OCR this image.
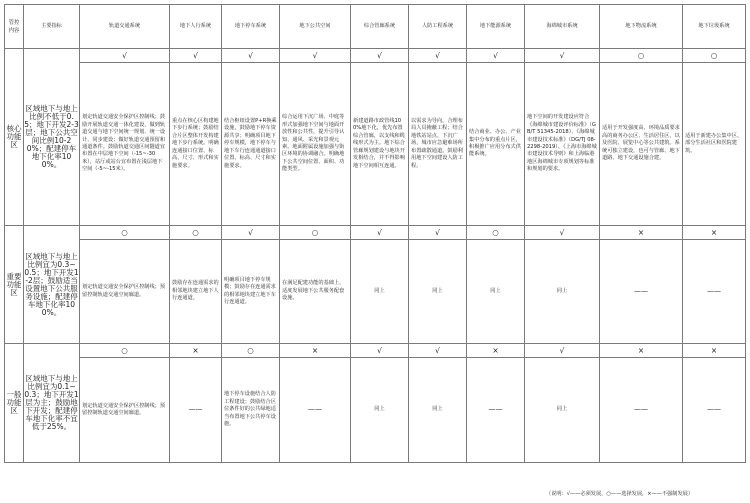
管控内容	主要指标	轨道交通系统	地下人行系统	地下停车系统	地下公共空间	综合管廊系统	人防工程系统	地下能源系统	海绵城市系统	地下物流系统	地下垃圾系统
核心功能区	区域地下与地上比例不低于0.5；地下开发2-3层；地下公共空间比例10-20%；配建停车地下化率100%。	√	√	√	√	√	√	√	√	○	○
		划定轨道交通安全保护区控制线；鼓励开展轨道交通一体化建设，做到轨道交通与地下空间统一规划、统一设计、同步建设；做好轨道交通预留和通道条件。鼓励轨道交通区间隧道宜布置在中层地下空间（-15~-30米），站厅或站台宜布置在浅层地下空间（-5~-15米）。	重点在核心区构建地下步行系统；鼓励结合片区整体开发构建地下步行系统。明确连通接口位置、标高、尺寸、形式和实施要求。	结合枢纽设置P+R换乘设施，鼓励地下停车资源共享；明确项目地下停车规模，地下停车与地下车行连通通道接口位置、标高、尺寸和实施要求。	综合运用下沉广场、中庭等形式加强地下空间与地面开放性和公共性，提升引导认知、通风、采光和景观元素。地面附属设施加强与街区环境的协调融合。明确地下公共空间位置、面积、功能类型。	新建道路市政管线100%地下化，优先布置综合管廊，以支线和缆线形式为主。地下综合管廊规划建设与地块开发相结合，并不得影响地下空间相互连通。	以需求为导向，合理布局人员掩蔽工程；结合地铁站站点，下沉广场，城市应急避难场所布置疏散通道。鼓励利用地下空间建设人防工程。	结合商业、办公、产业集中分布的重点片区，积极推广应用分布式供能系统。	地下空间的开发建设应符合《海绵城市建设评价标准》（GB/T 51345-2018）、《海绵城市建设技术标准》（DG/TJ 08-2298-2019）、《上海市海绵城市建设技术导则》和上海临港地区海绵城市专项规划等标准和规划的要求。	适用于开发强度高、环境品质要求高的商务办公区、生活居住区，以及医院、展览中心等公共建筑。系统可独立建设，也可与管廊、地下道路、地下交通设施合建。	适用于新建办公集中区、部分生活社区和医院建筑。
重要功能区	区域地下与地上比例宜为0.3~0.5；地下开发1-2层；鼓励适当设置地下公共服务设施；配建停车地下化率100%。	○	○	√	○	√	√	○	√	×	×
		划定轨道交通安全保护区控制线；预留控制轨道交通空间廊道。	鼓励存在连通需求的相邻地块建立地下人行连通道。	明确项目地下停车规模；鼓励存在连通需求的相邻地块建立地下车行连通道。	在满足配建功能的基础上，适度发展地下公共服务配套设施。	同上	同上	同上	同上	——	——
一般功能区	区域地下与地上比例宜为0.1~0.3；地下开发1层为主；鼓励地下开发；配建停车地下化率不宜低于25%。	○	×	○	×	√	√	×	√	×	×
		划定轨道交通安全保护区控制线；预留控制轨道交通空间廊道。	——	地下停车设施结合人防工程建设；鼓励结合区位条件好的公共绿地适当布置地下公共停车设施。	——	同上	同上	——	同上	——	——
（说明：√——必须发展，○——选择发展，×——不强制发展）
